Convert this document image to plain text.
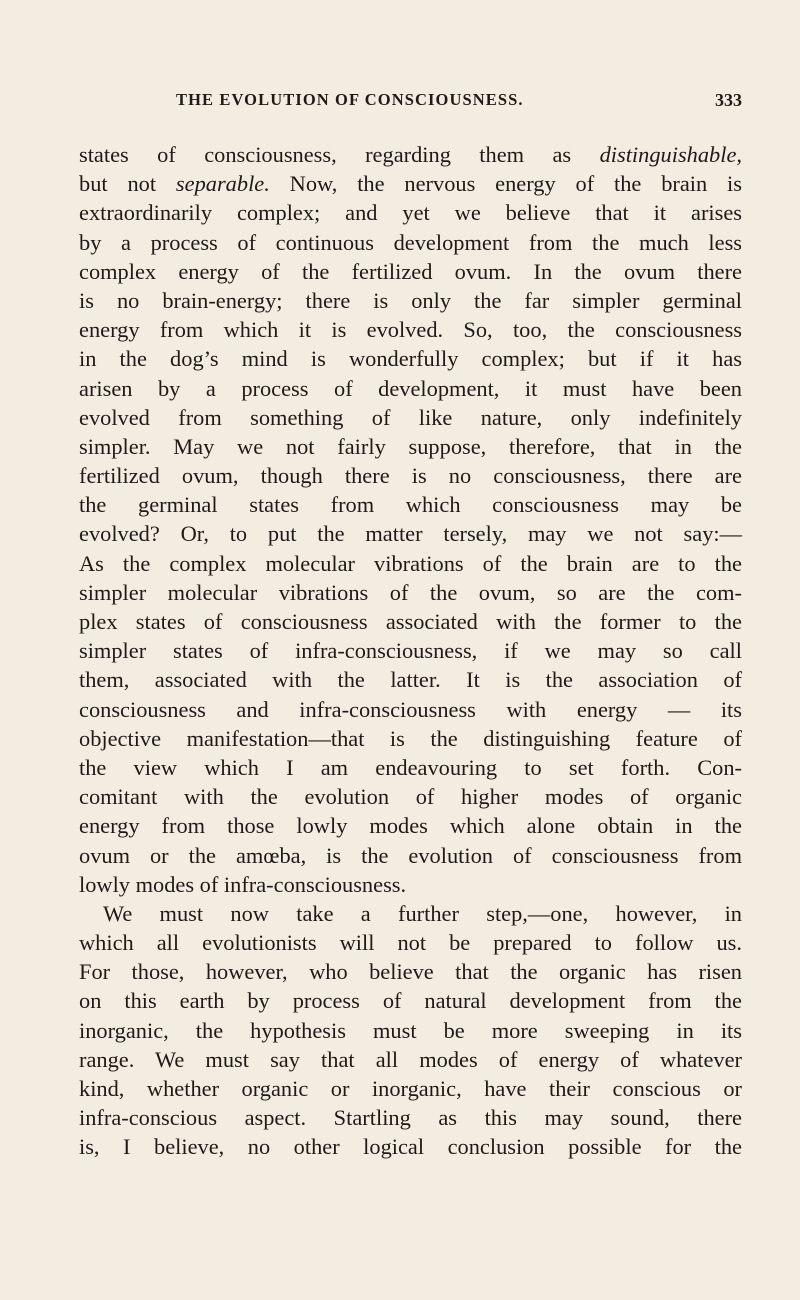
THE EVOLUTION OF CONSCIOUSNESS.	333
states of consciousness, regarding them as distinguishable,
but not separable. Now, the nervous energy of the brain is
extraordinarily complex; and yet we believe that it arises
by a process of continuous development from the much less
complex energy of the fertilized ovum. In the ovum there
is no brain-energy; there is only the far simpler germinal
energy from which it is evolved. So, too, the consciousness
in the dog’s mind is wonderfully complex; but if it has
arisen by a process of development, it must have been
evolved from something of like nature, only indefinitely
simpler. May we not fairly suppose, therefore, that in the
fertilized ovum, though there is no consciousness, there are
the germinal states from which consciousness may be
evolved? Or, to put the matter tersely, may we not say:—
As the complex molecular vibrations of the brain are to the
simpler molecular vibrations of the ovum, so are the com-
plex states of consciousness associated with the former to the
simpler states of infra-consciousness, if we may so call
them, associated with the latter. It is the association of
consciousness and infra-consciousness with energy — its
objective manifestation—that is the distinguishing feature of
the view which I am endeavouring to set forth. Con-
comitant with the evolution of higher modes of organic
energy from those lowly modes which alone obtain in the
ovum or the amœba, is the evolution of consciousness from
lowly modes of infra-consciousness.
We must now take a further step,—one, however, in
which all evolutionists will not be prepared to follow us.
For those, however, who believe that the organic has risen
on this earth by process of natural development from the
inorganic, the hypothesis must be more sweeping in its
range. We must say that all modes of energy of whatever
kind, whether organic or inorganic, have their conscious or
infra-conscious aspect. Startling as this may sound, there
is, I believe, no other logical conclusion possible for the
